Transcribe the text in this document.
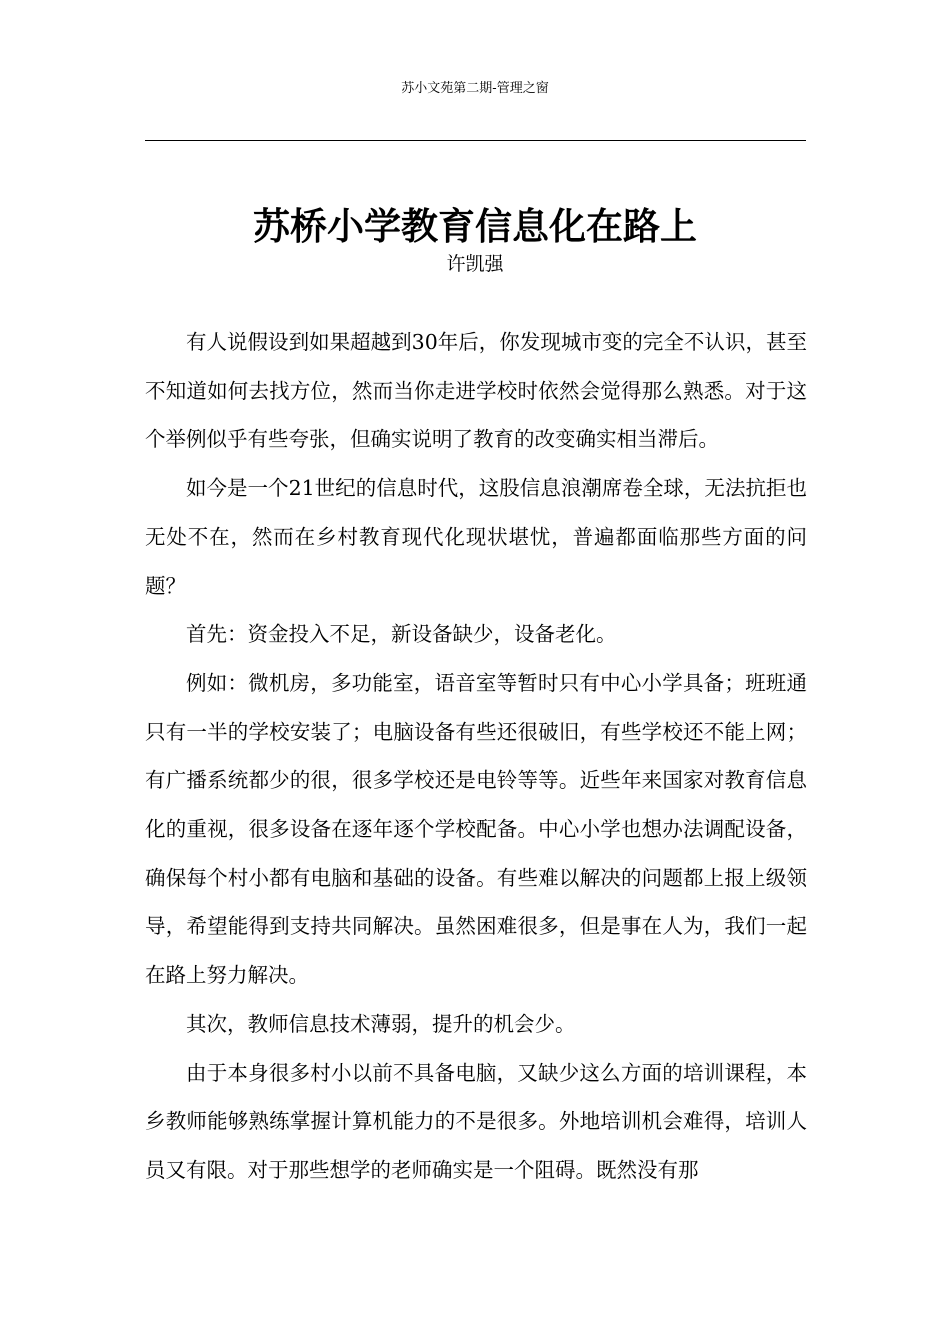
苏小文苑第二期-管理之窗
苏桥小学教育信息化在路上
许凯强

有人说假设到如果超越到30年后，你发现城市变的完全不认识，甚至不知道如何去找方位，然而当你走进学校时依然会觉得那么熟悉。对于这个举例似乎有些夸张，但确实说明了教育的改变确实相当滞后。

如今是一个21世纪的信息时代，这股信息浪潮席卷全球，无法抗拒也无处不在，然而在乡村教育现代化现状堪忧，普遍都面临那些方面的问题？

首先：资金投入不足，新设备缺少，设备老化。

例如：微机房，多功能室，语音室等暂时只有中心小学具备；班班通只有一半的学校安装了；电脑设备有些还很破旧，有些学校还不能上网；有广播系统都少的很，很多学校还是电铃等等。近些年来国家对教育信息化的重视，很多设备在逐年逐个学校配备。中心小学也想办法调配设备，确保每个村小都有电脑和基础的设备。有些难以解决的问题都上报上级领导，希望能得到支持共同解决。虽然困难很多，但是事在人为，我们一起在路上努力解决。

其次，教师信息技术薄弱，提升的机会少。

由于本身很多村小以前不具备电脑，又缺少这么方面的培训课程，本乡教师能够熟练掌握计算机能力的不是很多。外地培训机会难得，培训人员又有限。对于那些想学的老师确实是一个阻碍。既然没有那
